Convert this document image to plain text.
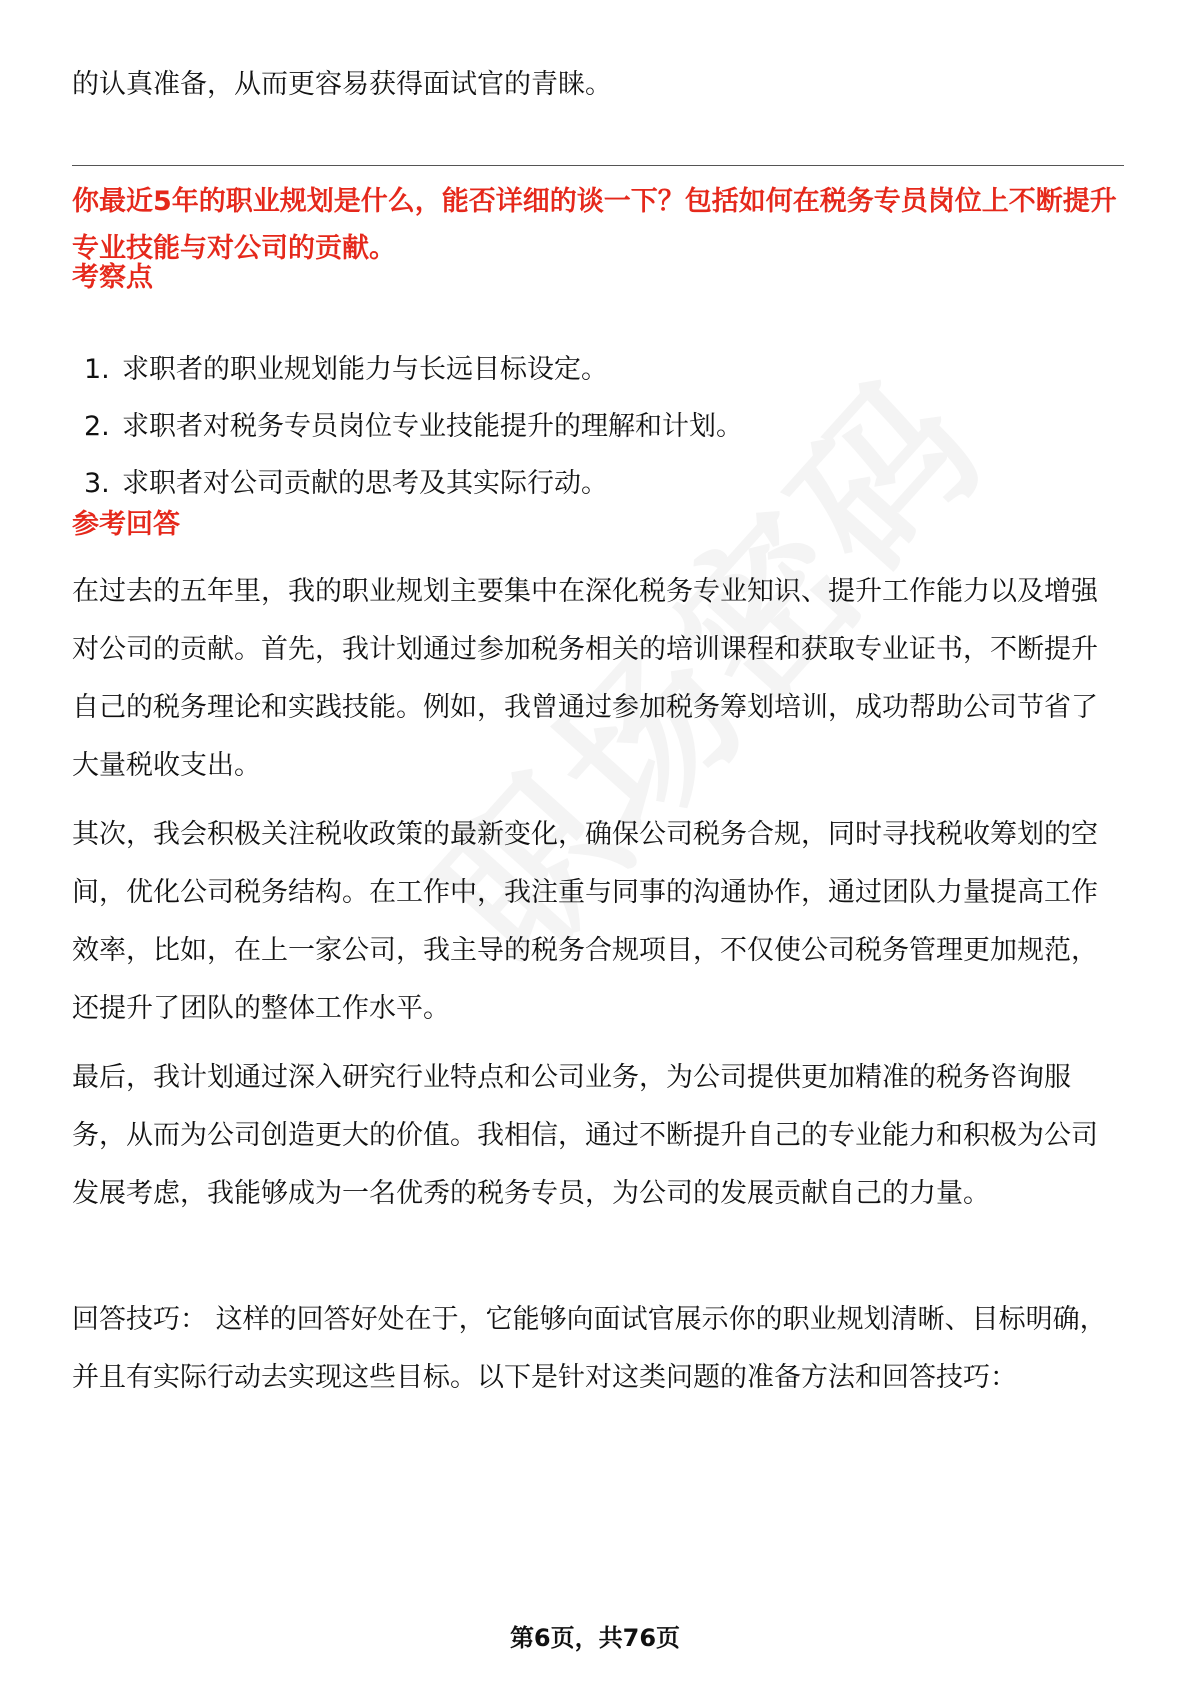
的认真准备，从而更容易获得面试官的青睐。

你最近5年的职业规划是什么，能否详细的谈一下？包括如何在税务专员岗位上不断提升专业技能与对公司的贡献。

考察点

1. 求职者的职业规划能力与长远目标设定。
2. 求职者对税务专员岗位专业技能提升的理解和计划。
3. 求职者对公司贡献的思考及其实际行动。

参考回答

在过去的五年里，我的职业规划主要集中在深化税务专业知识、提升工作能力以及增强对公司的贡献。首先，我计划通过参加税务相关的培训课程和获取专业证书，不断提升自己的税务理论和实践技能。例如，我曾通过参加税务筹划培训，成功帮助公司节省了大量税收支出。

其次，我会积极关注税收政策的最新变化，确保公司税务合规，同时寻找税收筹划的空间，优化公司税务结构。在工作中，我注重与同事的沟通协作，通过团队力量提高工作效率，比如，在上一家公司，我主导的税务合规项目，不仅使公司税务管理更加规范，还提升了团队的整体工作水平。

最后，我计划通过深入研究行业特点和公司业务，为公司提供更加精准的税务咨询服务，从而为公司创造更大的价值。我相信，通过不断提升自己的专业能力和积极为公司发展考虑，我能够成为一名优秀的税务专员，为公司的发展贡献自己的力量。

回答技巧： 这样的回答好处在于，它能够向面试官展示你的职业规划清晰、目标明确，并且有实际行动去实现这些目标。以下是针对这类问题的准备方法和回答技巧：

第6页，共76页
